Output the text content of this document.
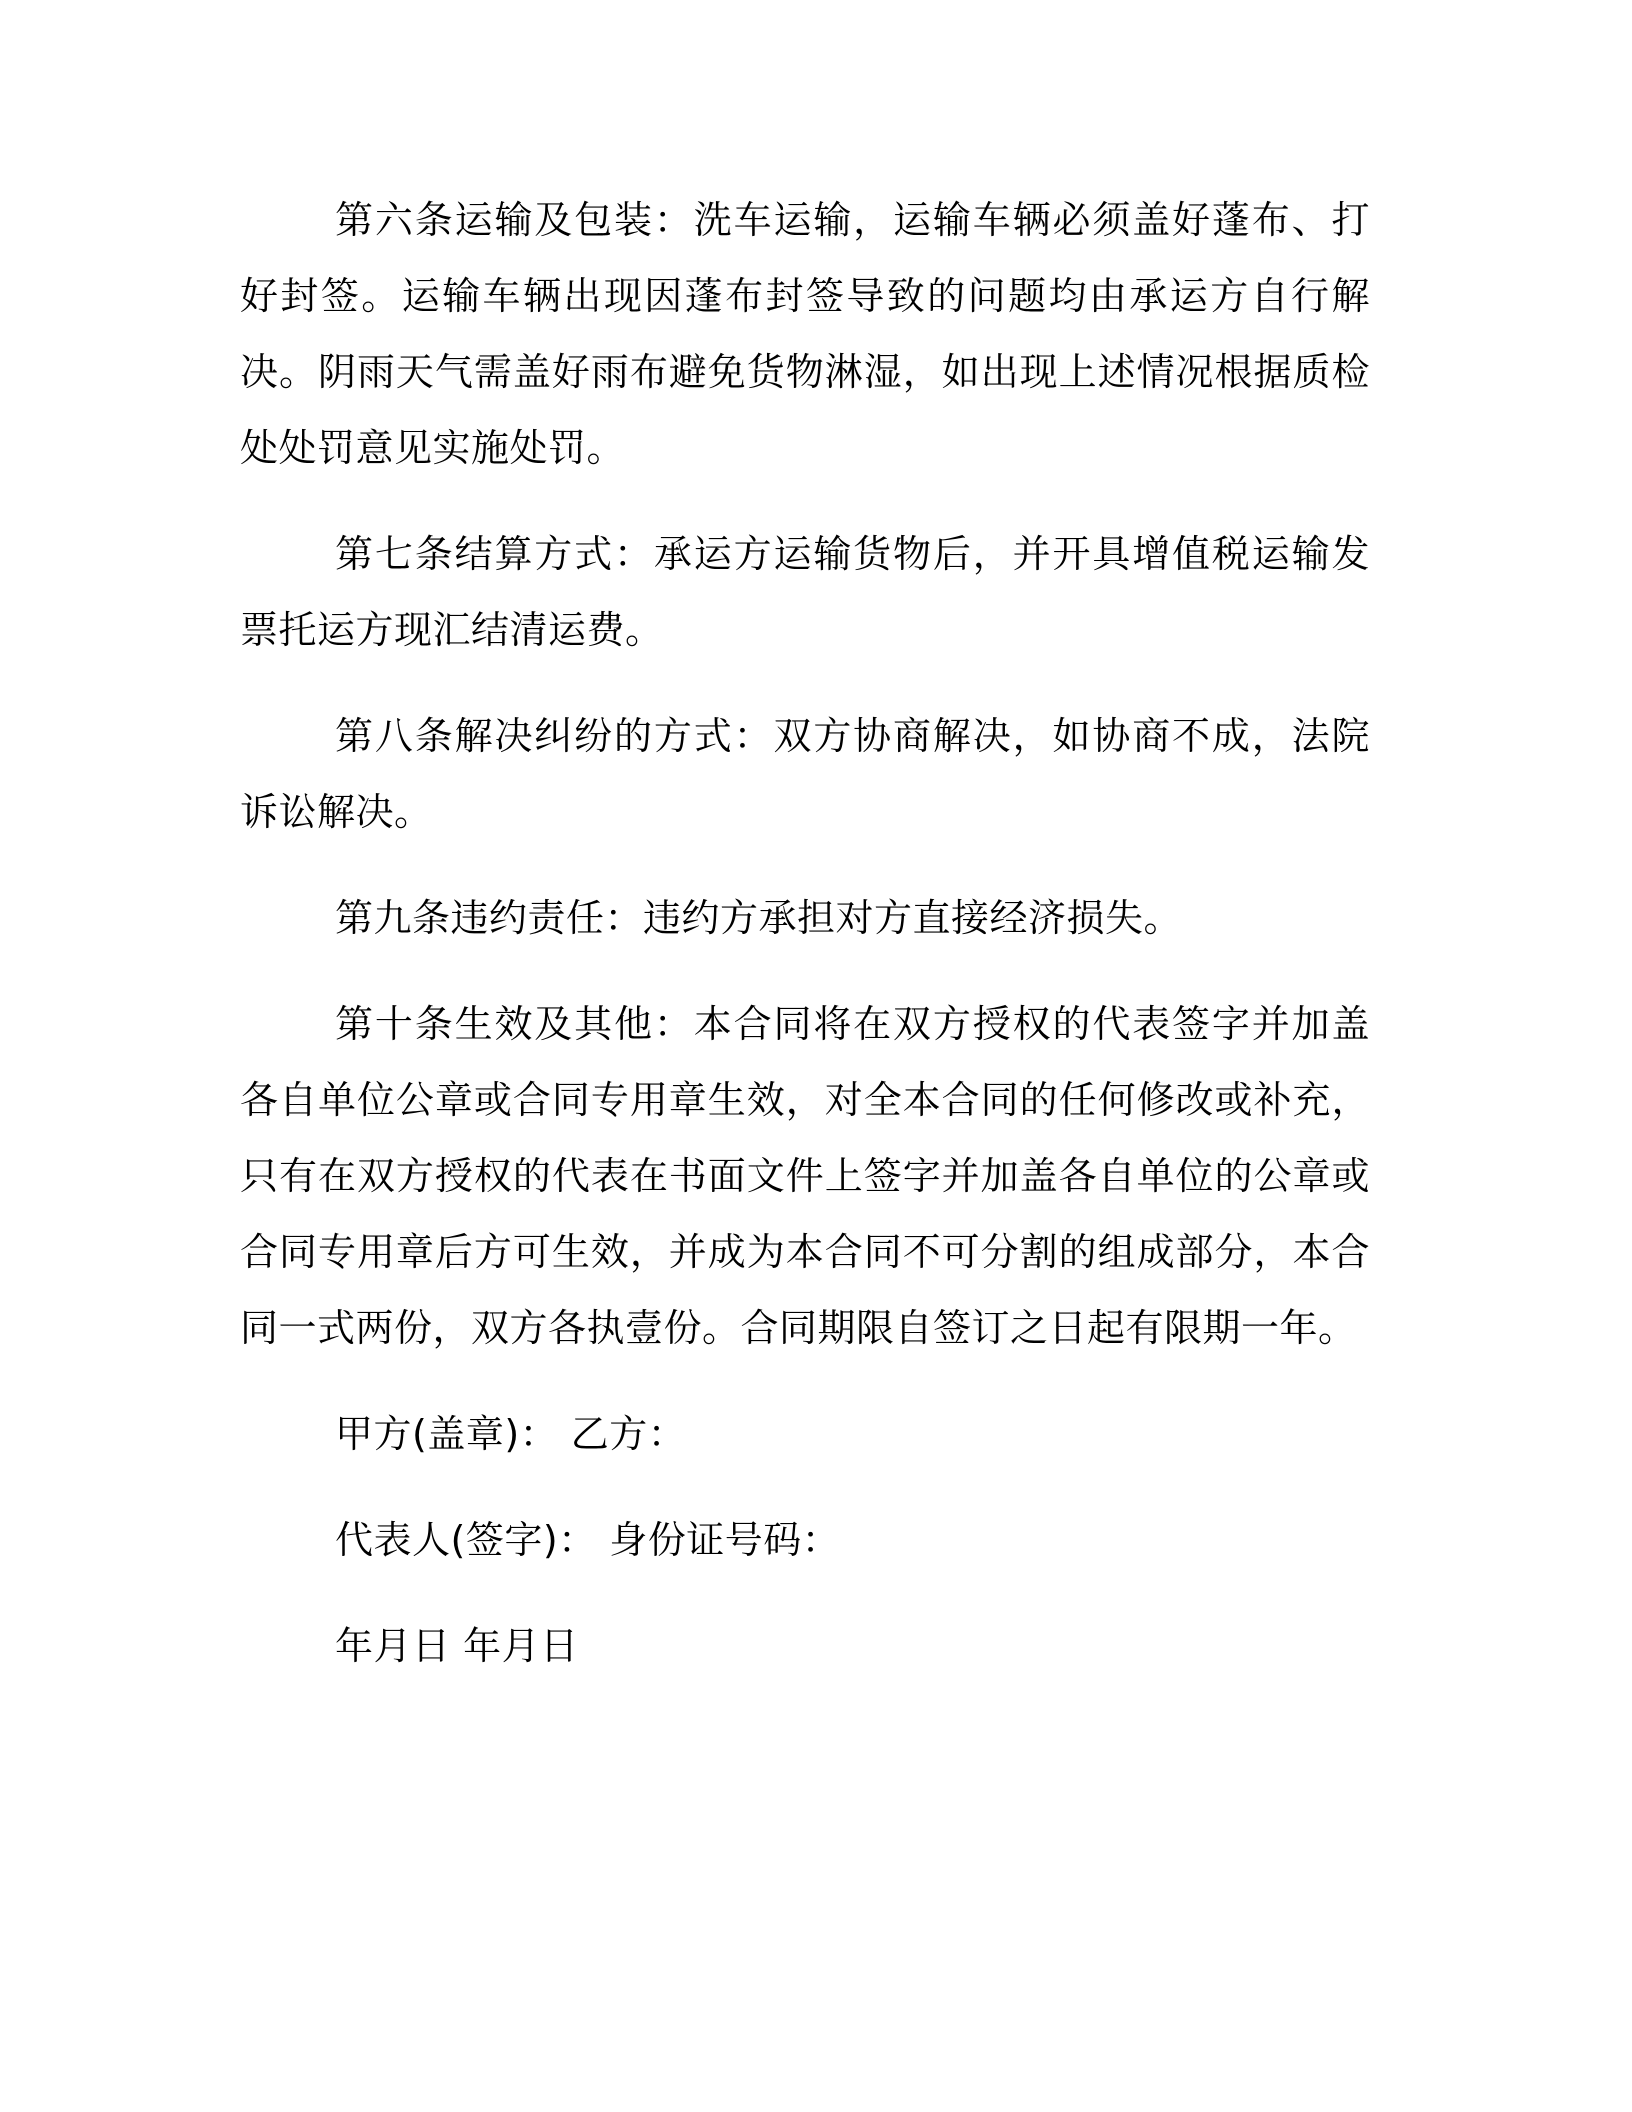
第六条运输及包装：洗车运输，运输车辆必须盖好蓬布、打好封签。运输车辆出现因蓬布封签导致的问题均由承运方自行解决。阴雨天气需盖好雨布避免货物淋湿，如出现上述情况根据质检处处罚意见实施处罚。

第七条结算方式：承运方运输货物后，并开具增值税运输发票托运方现汇结清运费。

第八条解决纠纷的方式：双方协商解决，如协商不成，法院诉讼解决。

第九条违约责任：违约方承担对方直接经济损失。

第十条生效及其他：本合同将在双方授权的代表签字并加盖各自单位公章或合同专用章生效，对全本合同的任何修改或补充，只有在双方授权的代表在书面文件上签字并加盖各自单位的公章或合同专用章后方可生效，并成为本合同不可分割的组成部分，本合同一式两份，双方各执壹份。合同期限自签订之日起有限期一年。

甲方(盖章)： 乙方：

代表人(签字)： 身份证号码：

年月日 年月日
